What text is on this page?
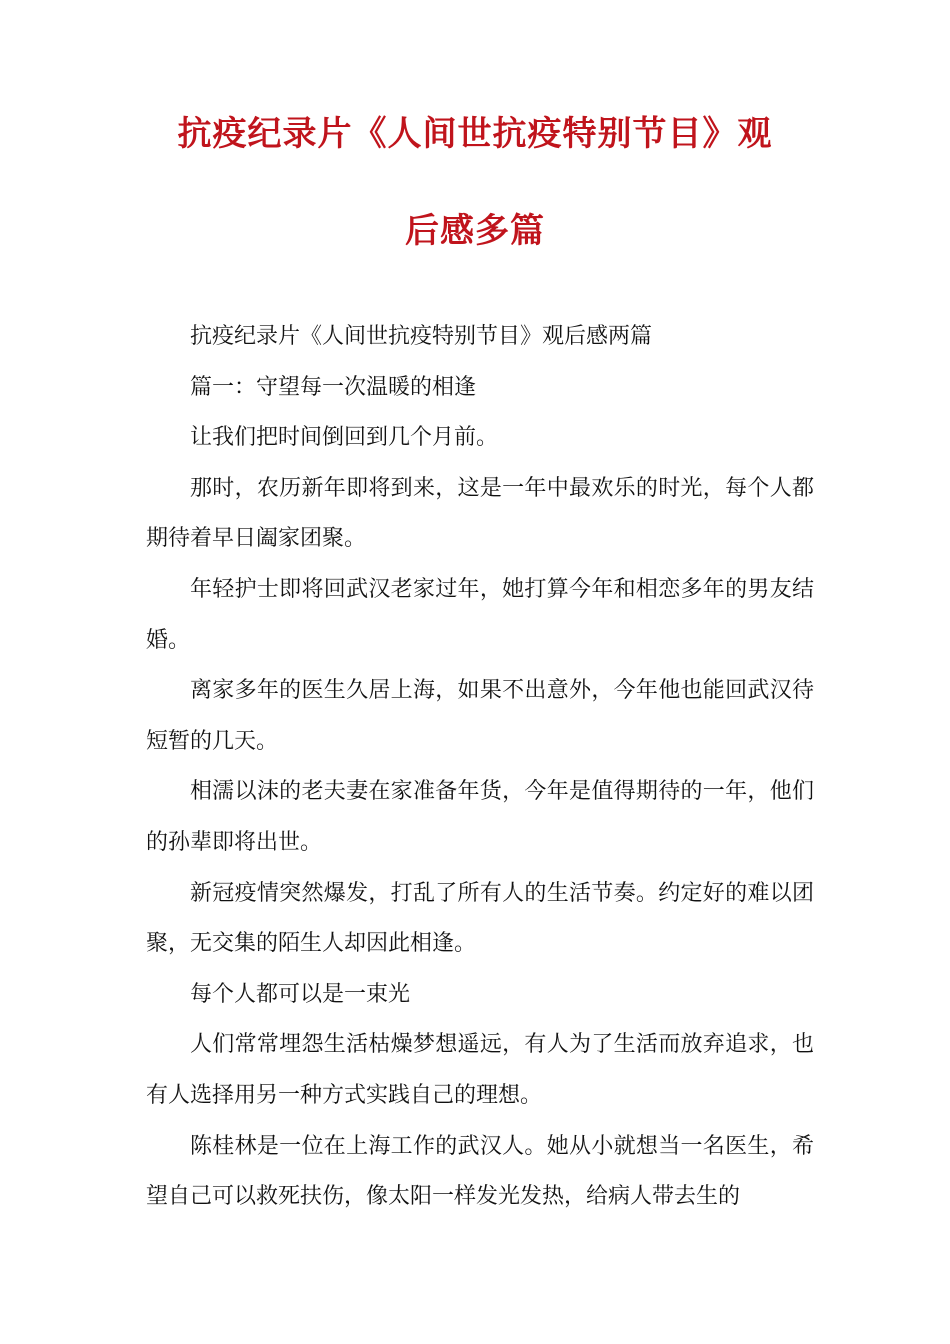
抗疫纪录片《人间世抗疫特别节目》观
后感多篇

抗疫纪录片《人间世抗疫特别节目》观后感两篇

篇一：守望每一次温暖的相逢

让我们把时间倒回到几个月前。

那时，农历新年即将到来，这是一年中最欢乐的时光，每个人都期待着早日阖家团聚。

年轻护士即将回武汉老家过年，她打算今年和相恋多年的男友结婚。

离家多年的医生久居上海，如果不出意外，今年他也能回武汉待短暂的几天。

相濡以沫的老夫妻在家准备年货，今年是值得期待的一年，他们的孙辈即将出世。

新冠疫情突然爆发，打乱了所有人的生活节奏。约定好的难以团聚，无交集的陌生人却因此相逢。

每个人都可以是一束光

人们常常埋怨生活枯燥梦想遥远，有人为了生活而放弃追求，也有人选择用另一种方式实践自己的理想。

陈桂林是一位在上海工作的武汉人。她从小就想当一名医生，希望自己可以救死扶伤，像太阳一样发光发热，给病人带去生的
